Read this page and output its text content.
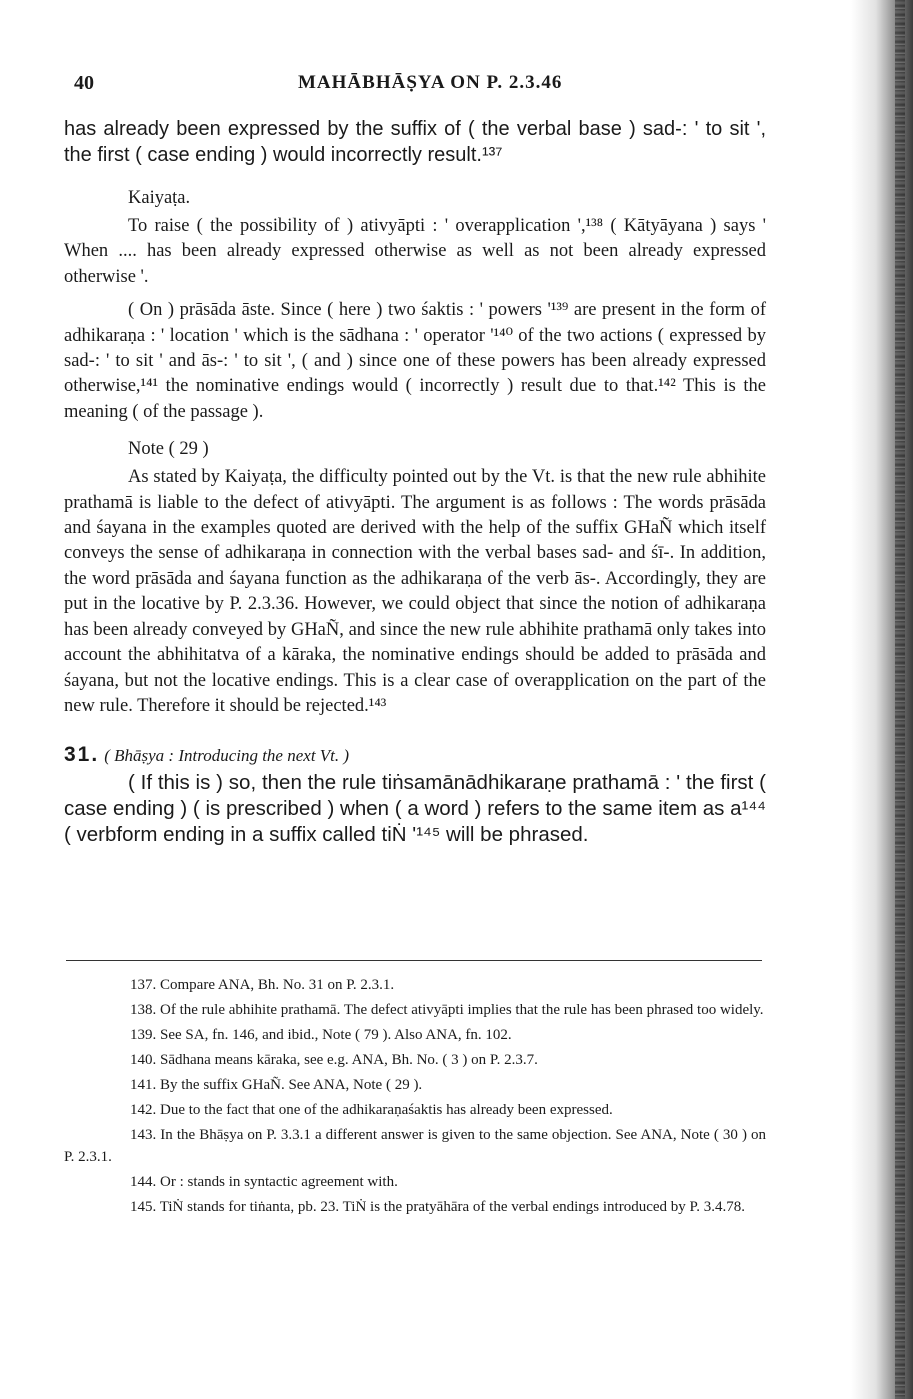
40	MAHĀBHĀṢYA ON P. 2.3.46

has already been expressed by the suffix of ( the verbal base ) sad-: ' to sit ', the first ( case ending ) would incorrectly result.¹³⁷

Kaiyaṭa.

To raise ( the possibility of ) ativyāpti : ' overapplication ',¹³⁸ ( Kātyāyana ) says ' When .... has been already expressed otherwise as well as not been already expressed otherwise '.

( On ) prāsāda āste. Since ( here ) two śaktis : ' powers '¹³⁹ are present in the form of adhikaraṇa : ' location ' which is the sādhana : ' operator '¹⁴⁰ of the two actions ( expressed by sad-: ' to sit ' and ās-: ' to sit ', ( and ) since one of these powers has been already expressed otherwise,¹⁴¹ the nominative endings would ( incorrectly ) result due to that.¹⁴² This is the meaning ( of the passage ).

Note ( 29 )

As stated by Kaiyaṭa, the difficulty pointed out by the Vt. is that the new rule abhihite prathamā is liable to the defect of ativyāpti. The argument is as follows : The words prāsāda and śayana in the examples quoted are derived with the help of the suffix GHaÑ which itself conveys the sense of adhikaraṇa in connection with the verbal bases sad- and śī-. In addition, the word prāsāda and śayana function as the adhikaraṇa of the verb ās-. Accordingly, they are put in the locative by P. 2.3.36. However, we could object that since the notion of adhikaraṇa has been already conveyed by GHaÑ, and since the new rule abhihite prathamā only takes into account the abhihitatva of a kāraka, the nominative endings should be added to prāsāda and śayana, but not the locative endings. This is a clear case of overapplication on the part of the new rule. Therefore it should be rejected.¹⁴³

31. ( Bhāṣya : Introducing the next Vt. )

( If this is ) so, then the rule tiṅsamānādhikaraṇe prathamā : ' the first ( case ending ) ( is prescribed ) when ( a word ) refers to the same item as a¹⁴⁴ ( verbform ending in a suffix called tiṄ '¹⁴⁵ will be phrased.

137. Compare ANA, Bh. No. 31 on P. 2.3.1.

138. Of the rule abhihite prathamā. The defect ativyāpti implies that the rule has been phrased too widely.

139. See SA, fn. 146, and ibid., Note ( 79 ). Also ANA, fn. 102.

140. Sādhana means kāraka, see e.g. ANA, Bh. No. ( 3 ) on P. 2.3.7.

141. By the suffix GHaÑ. See ANA, Note ( 29 ).

142. Due to the fact that one of the adhikaraṇaśaktis has already been expressed.

143. In the Bhāṣya on P. 3.3.1 a different answer is given to the same objection. See ANA, Note ( 30 ) on P. 2.3.1.

144. Or : stands in syntactic agreement with.

145. TiṄ stands for tiṅanta, pb. 23. TiṄ is the pratyāhāra of the verbal endings introduced by P. 3.4.78.
